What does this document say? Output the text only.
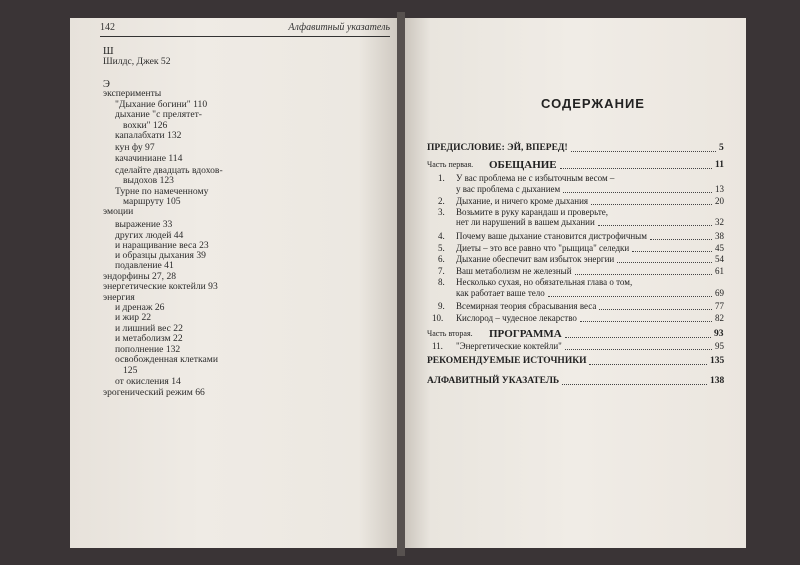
142	Алфавитный указатель
Ш
Шилдс, Джек 52
Э
эксперименты
"Дыхание богини" 110
дыхание "с прелятет-
вохки" 126
капалабхати 132
кун фу 97
качачиниане 114
сделайте двадцать вдохов-
выдохов 123
Турне по намеченному
маршруту 105
эмоции
выражение 33
других людей 44
и наращивание веса 23
и образцы дыхания 39
подавление 41
эндорфины 27, 28
энергетические коктейли 93
энергия
и дренаж 26
и жир 22
и лишний вес 22
и метаболизм 22
пополнение 132
освобожденная клетками
125
от окисления 14
эрогенический режим 66
СОДЕРЖАНИЕ
ПРЕДИСЛОВИЕ: ЭЙ, ВПЕРЕД!	5
Часть первая. ОБЕЩАНИЕ	11
1. У вас проблема не с избыточным весом –
у вас проблема с дыханием	13
2. Дыхание, и ничего кроме дыхания	20
3. Возьмите в руку карандаш и проверьте,
нет ли нарушений в вашем дыхании	32
4. Почему ваше дыхание становится дистрофичным	38
5. Диеты – это все равно что "рыщица" селедки	45
6. Дыхание обеспечит вам избыток энергии	54
7. Ваш метаболизм не железный	61
8. Несколько сухая, но обязательная глава о том,
как работает ваше тело	69
9. Всемирная теория сбрасывания веса	77
10. Кислород – чудесное лекарство	82
Часть вторая. ПРОГРАММА	93
11. "Энергетические коктейли"	95
РЕКОМЕНДУЕМЫЕ ИСТОЧНИКИ	135
АЛФАВИТНЫЙ УКАЗАТЕЛЬ	138
